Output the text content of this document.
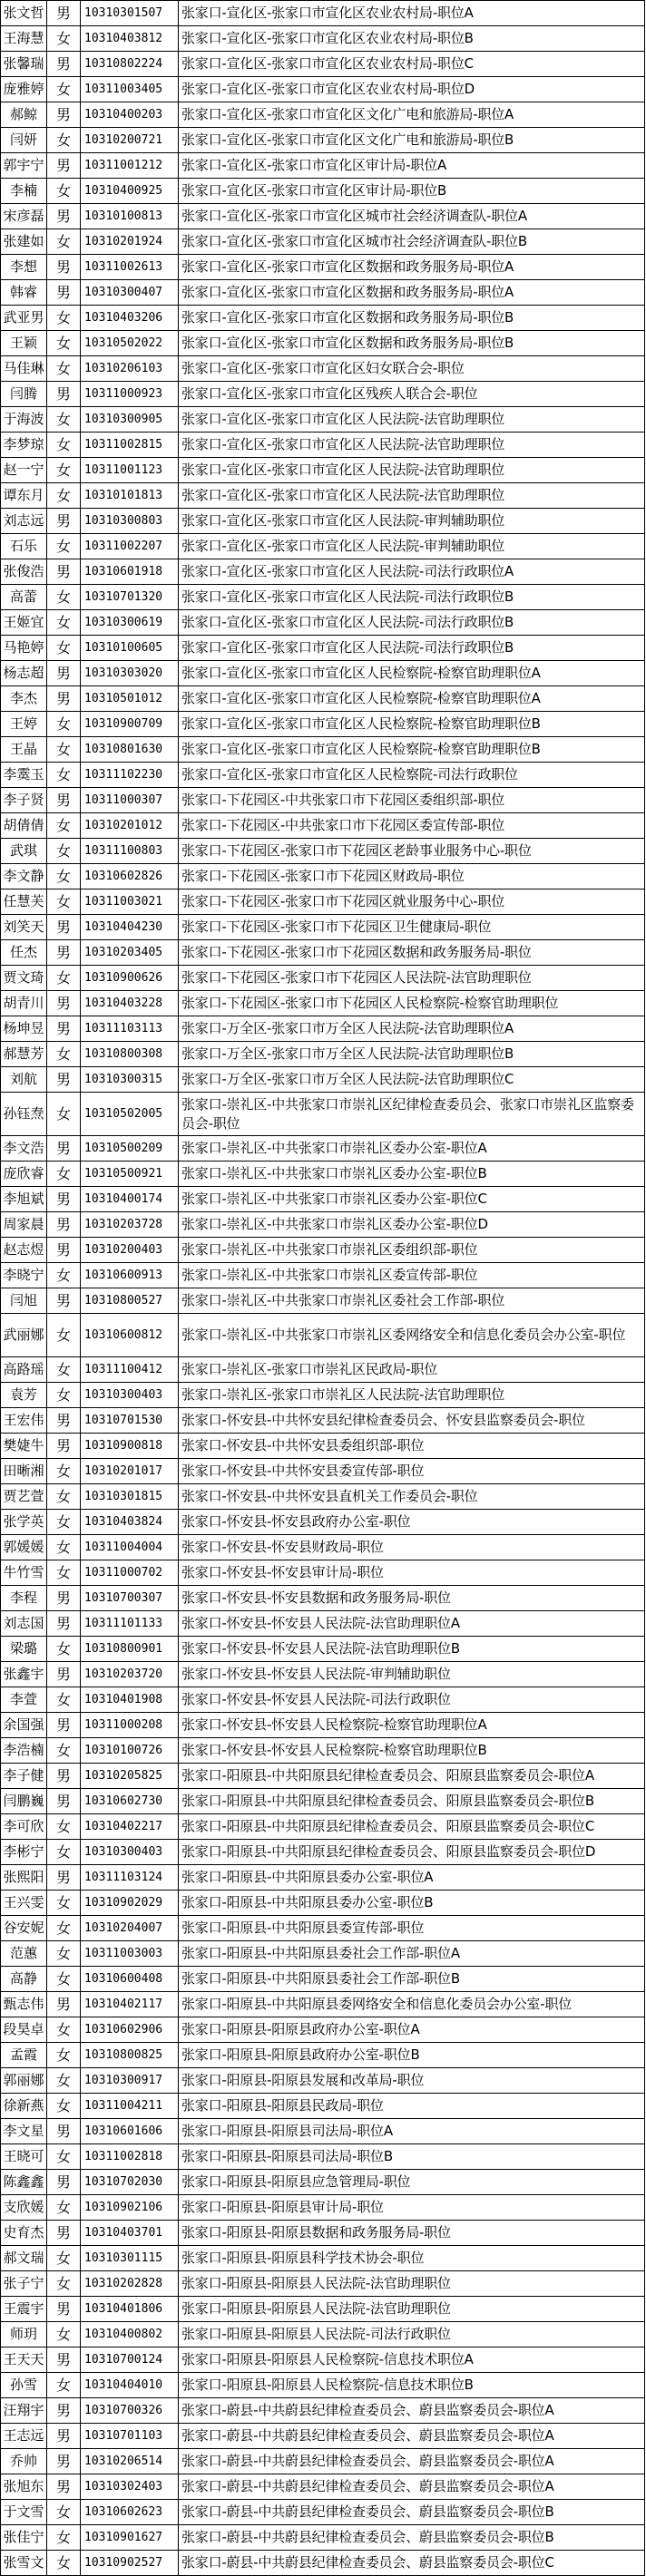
张文哲	男	10310301507	张家口-宣化区-张家口市宣化区农业农村局-职位A
王海慧	女	10310403812	张家口-宣化区-张家口市宣化区农业农村局-职位B
张馨瑞	男	10310802224	张家口-宣化区-张家口市宣化区农业农村局-职位C
庞雅婷	女	10311003405	张家口-宣化区-张家口市宣化区农业农村局-职位D
郝鲸	男	10310400203	张家口-宣化区-张家口市宣化区文化广电和旅游局-职位A
闫妍	女	10310200721	张家口-宣化区-张家口市宣化区文化广电和旅游局-职位B
郭宇宁	男	10311001212	张家口-宣化区-张家口市宣化区审计局-职位A
李楠	女	10310400925	张家口-宣化区-张家口市宣化区审计局-职位B
宋彦磊	男	10310100813	张家口-宣化区-张家口市宣化区城市社会经济调查队-职位A
张建如	女	10310201924	张家口-宣化区-张家口市宣化区城市社会经济调查队-职位B
李想	男	10311002613	张家口-宣化区-张家口市宣化区数据和政务服务局-职位A
韩睿	男	10310300407	张家口-宣化区-张家口市宣化区数据和政务服务局-职位A
武亚男	女	10310403206	张家口-宣化区-张家口市宣化区数据和政务服务局-职位B
王颖	女	10310502022	张家口-宣化区-张家口市宣化区数据和政务服务局-职位B
马佳琳	女	10310206103	张家口-宣化区-张家口市宣化区妇女联合会-职位
闫腾	男	10311000923	张家口-宣化区-张家口市宣化区残疾人联合会-职位
于海波	女	10310300905	张家口-宣化区-张家口市宣化区人民法院-法官助理职位
李梦琼	女	10311002815	张家口-宣化区-张家口市宣化区人民法院-法官助理职位
赵一宁	女	10311001123	张家口-宣化区-张家口市宣化区人民法院-法官助理职位
谭东月	女	10310101813	张家口-宣化区-张家口市宣化区人民法院-法官助理职位
刘志远	男	10310300803	张家口-宣化区-张家口市宣化区人民法院-审判辅助职位
石乐	女	10311002207	张家口-宣化区-张家口市宣化区人民法院-审判辅助职位
张俊浩	男	10310601918	张家口-宣化区-张家口市宣化区人民法院-司法行政职位A
高蕾	女	10310701320	张家口-宣化区-张家口市宣化区人民法院-司法行政职位B
王姬宜	女	10310300619	张家口-宣化区-张家口市宣化区人民法院-司法行政职位B
马艳婷	女	10310100605	张家口-宣化区-张家口市宣化区人民法院-司法行政职位B
杨志超	男	10310303020	张家口-宣化区-张家口市宣化区人民检察院-检察官助理职位A
李杰	男	10310501012	张家口-宣化区-张家口市宣化区人民检察院-检察官助理职位A
王婷	女	10310900709	张家口-宣化区-张家口市宣化区人民检察院-检察官助理职位B
王晶	女	10310801630	张家口-宣化区-张家口市宣化区人民检察院-检察官助理职位B
李霙玉	女	10311102230	张家口-宣化区-张家口市宣化区人民检察院-司法行政职位
李子贤	男	10311000307	张家口-下花园区-中共张家口市下花园区委组织部-职位
胡倩倩	女	10310201012	张家口-下花园区-中共张家口市下花园区委宣传部-职位
武琪	女	10311100803	张家口-下花园区-张家口市下花园区老龄事业服务中心-职位
李文静	女	10310602826	张家口-下花园区-张家口市下花园区财政局-职位
任慧芙	女	10311003021	张家口-下花园区-张家口市下花园区就业服务中心-职位
刘笑天	男	10310404230	张家口-下花园区-张家口市下花园区卫生健康局-职位
任杰	男	10310203405	张家口-下花园区-张家口市下花园区数据和政务服务局-职位
贾文琦	女	10310900626	张家口-下花园区-张家口市下花园区人民法院-法官助理职位
胡青川	男	10310403228	张家口-下花园区-张家口市下花园区人民检察院-检察官助理职位
杨坤昱	男	10311103113	张家口-万全区-张家口市万全区人民法院-法官助理职位A
郝慧芳	女	10310800308	张家口-万全区-张家口市万全区人民法院-法官助理职位B
刘航	男	10310300315	张家口-万全区-张家口市万全区人民法院-法官助理职位C
孙钰焘	女	10310502005	张家口-崇礼区-中共张家口市崇礼区纪律检查委员会、张家口市崇礼区监察委员会-职位
李文浩	男	10310500209	张家口-崇礼区-中共张家口市崇礼区委办公室-职位A
庞欣睿	女	10310500921	张家口-崇礼区-中共张家口市崇礼区委办公室-职位B
李旭斌	男	10310400174	张家口-崇礼区-中共张家口市崇礼区委办公室-职位C
周家晨	男	10310203728	张家口-崇礼区-中共张家口市崇礼区委办公室-职位D
赵志煜	男	10310200403	张家口-崇礼区-中共张家口市崇礼区委组织部-职位
李晓宁	女	10310600913	张家口-崇礼区-中共张家口市崇礼区委宣传部-职位
闫旭	男	10310800527	张家口-崇礼区-中共张家口市崇礼区委社会工作部-职位
武丽娜	女	10310600812	张家口-崇礼区-中共张家口市崇礼区委网络安全和信息化委员会办公室-职位
高路瑶	女	10311100412	张家口-崇礼区-张家口市崇礼区民政局-职位
袁芳	女	10310300403	张家口-崇礼区-张家口市崇礼区人民法院-法官助理职位
王宏伟	男	10310701530	张家口-怀安县-中共怀安县纪律检查委员会、怀安县监察委员会-职位
樊婕牛	男	10310900818	张家口-怀安县-中共怀安县委组织部-职位
田晰湘	女	10310201017	张家口-怀安县-中共怀安县委宣传部-职位
贾艺萱	女	10310301815	张家口-怀安县-中共怀安县直机关工作委员会-职位
张学英	女	10310403824	张家口-怀安县-怀安县政府办公室-职位
郭媛媛	女	10311004004	张家口-怀安县-怀安县财政局-职位
牛竹雪	女	10311000702	张家口-怀安县-怀安县审计局-职位
李程	男	10310700307	张家口-怀安县-怀安县数据和政务服务局-职位
刘志国	男	10311101133	张家口-怀安县-怀安县人民法院-法官助理职位A
梁璐	女	10310800901	张家口-怀安县-怀安县人民法院-法官助理职位B
张鑫宇	男	10310203720	张家口-怀安县-怀安县人民法院-审判辅助职位
李萱	女	10310401908	张家口-怀安县-怀安县人民法院-司法行政职位
余国强	男	10311000208	张家口-怀安县-怀安县人民检察院-检察官助理职位A
李浩楠	女	10310100726	张家口-怀安县-怀安县人民检察院-检察官助理职位B
李子健	男	10310205825	张家口-阳原县-中共阳原县纪律检查委员会、阳原县监察委员会-职位A
闫鹏巍	男	10310602730	张家口-阳原县-中共阳原县纪律检查委员会、阳原县监察委员会-职位B
李可欣	女	10310402217	张家口-阳原县-中共阳原县纪律检查委员会、阳原县监察委员会-职位C
李彬宁	女	10310300403	张家口-阳原县-中共阳原县纪律检查委员会、阳原县监察委员会-职位D
张熙阳	男	10311103124	张家口-阳原县-中共阳原县委办公室-职位A
王兴雯	女	10310902029	张家口-阳原县-中共阳原县委办公室-职位B
谷安妮	女	10310204007	张家口-阳原县-中共阳原县委宣传部-职位
范蕙	女	10311003003	张家口-阳原县-中共阳原县委社会工作部-职位A
高静	女	10310600408	张家口-阳原县-中共阳原县委社会工作部-职位B
甄志伟	男	10310402117	张家口-阳原县-中共阳原县委网络安全和信息化委员会办公室-职位
段昊卓	女	10310602906	张家口-阳原县-阳原县政府办公室-职位A
孟霞	女	10310800825	张家口-阳原县-阳原县政府办公室-职位B
郭丽娜	女	10310300917	张家口-阳原县-阳原县发展和改革局-职位
徐新燕	女	10311004211	张家口-阳原县-阳原县民政局-职位
李文星	男	10310601606	张家口-阳原县-阳原县司法局-职位A
王晓可	女	10311002818	张家口-阳原县-阳原县司法局-职位B
陈鑫鑫	男	10310702030	张家口-阳原县-阳原县应急管理局-职位
支欣媛	女	10310902106	张家口-阳原县-阳原县审计局-职位
史育杰	男	10310403701	张家口-阳原县-阳原县数据和政务服务局-职位
郝文瑞	女	10310301115	张家口-阳原县-阳原县科学技术协会-职位
张子宁	女	10310202828	张家口-阳原县-阳原县人民法院-法官助理职位
王震宇	男	10310401806	张家口-阳原县-阳原县人民法院-法官助理职位
师玥	女	10310400802	张家口-阳原县-阳原县人民法院-司法行政职位
王天天	男	10310700124	张家口-阳原县-阳原县人民检察院-信息技术职位A
孙雪	女	10310404010	张家口-阳原县-阳原县人民检察院-信息技术职位B
汪翔宇	男	10310700326	张家口-蔚县-中共蔚县纪律检查委员会、蔚县监察委员会-职位A
王志远	男	10310701103	张家口-蔚县-中共蔚县纪律检查委员会、蔚县监察委员会-职位A
乔帅	男	10310206514	张家口-蔚县-中共蔚县纪律检查委员会、蔚县监察委员会-职位A
张旭东	男	10310302403	张家口-蔚县-中共蔚县纪律检查委员会、蔚县监察委员会-职位A
于文雪	女	10310602623	张家口-蔚县-中共蔚县纪律检查委员会、蔚县监察委员会-职位B
张佳宁	女	10310901627	张家口-蔚县-中共蔚县纪律检查委员会、蔚县监察委员会-职位B
张雪文	女	10310902527	张家口-蔚县-中共蔚县纪律检查委员会、蔚县监察委员会-职位C
